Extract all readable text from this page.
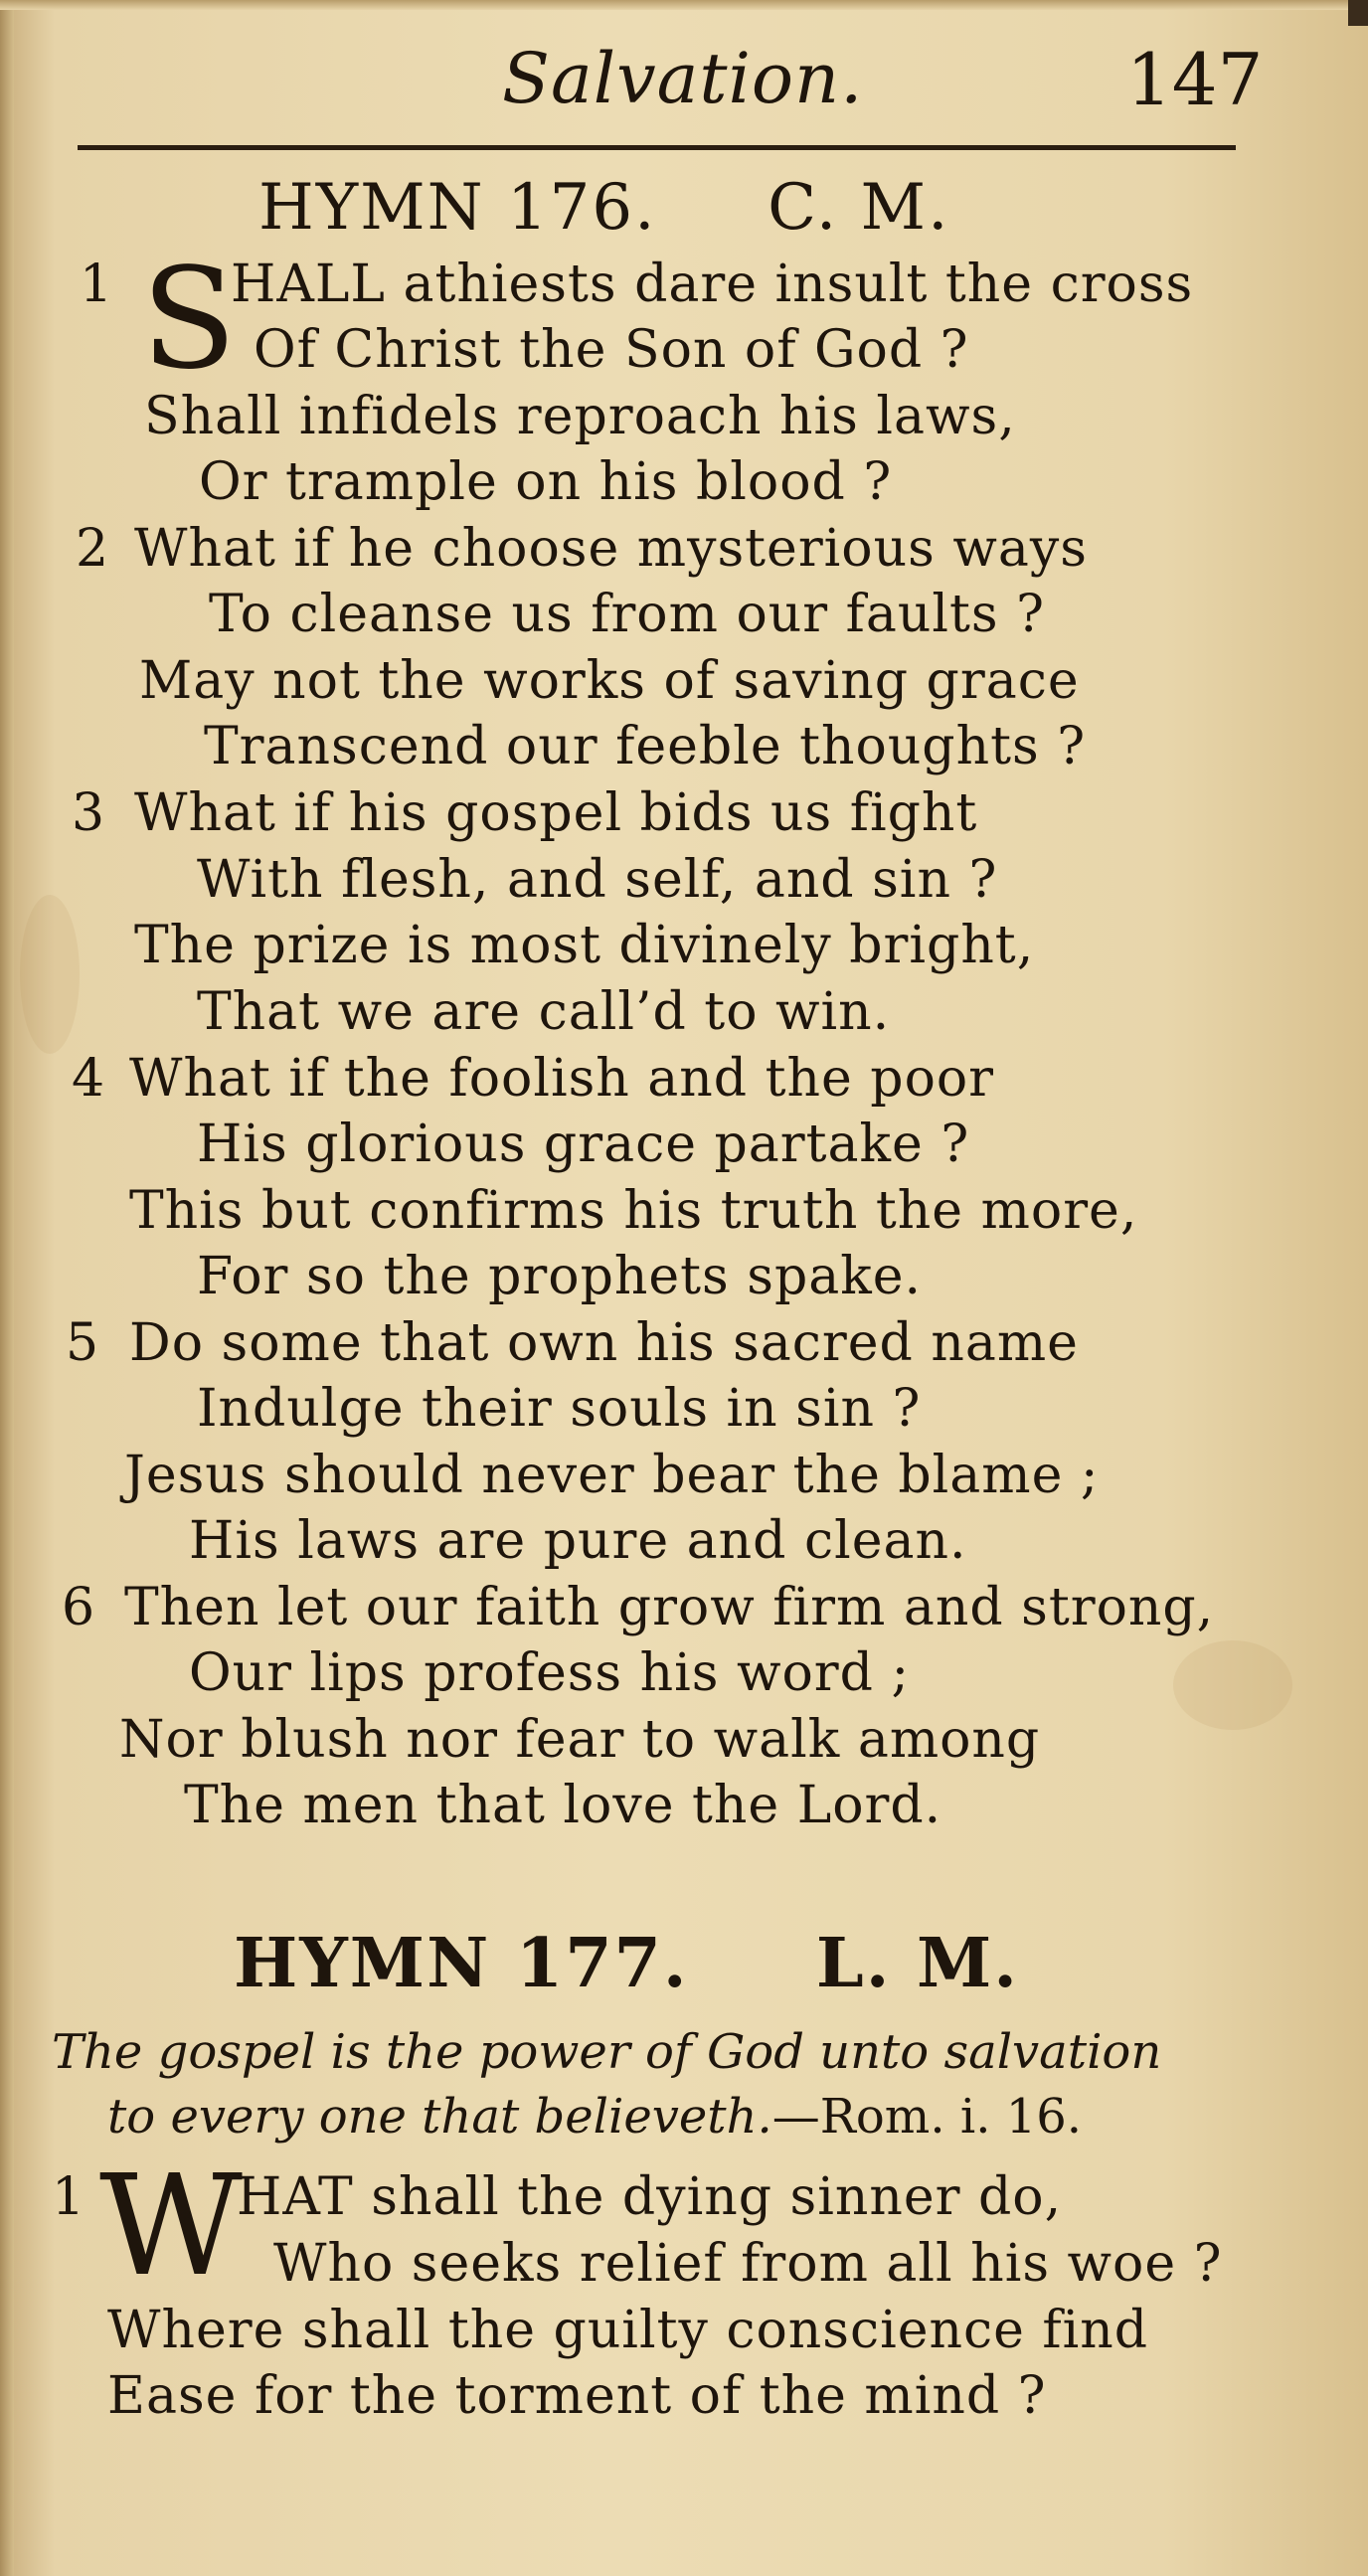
Salvation.	147
HYMN 176.     C. M.
1 S
HALL athiests dare insult the cross
Of Christ the Son of God ?
Shall infidels reproach his laws,
Or trample on his blood ?
2 What if he choose mysterious ways
To cleanse us from our faults ?
May not the works of saving grace
Transcend our feeble thoughts ?
3 What if his gospel bids us fight
With flesh, and self, and sin ?
The prize is most divinely bright,
That we are call’d to win.
4 What if the foolish and the poor
His glorious grace partake ?
This but confirms his truth the more,
For so the prophets spake.
5 Do some that own his sacred name
Indulge their souls in sin ?
Jesus should never bear the blame ;
His laws are pure and clean.
6 Then let our faith grow firm and strong,
Our lips profess his word ;
Nor blush nor fear to walk among
The men that love the Lord.
HYMN 177.     L. M.
The gospel is the power of God unto salvation
to every one that believeth.—Rom. i. 16.
1 W
HAT shall the dying sinner do,
Who seeks relief from all his woe ?
Where shall the guilty conscience find
Ease for the torment of the mind ?
